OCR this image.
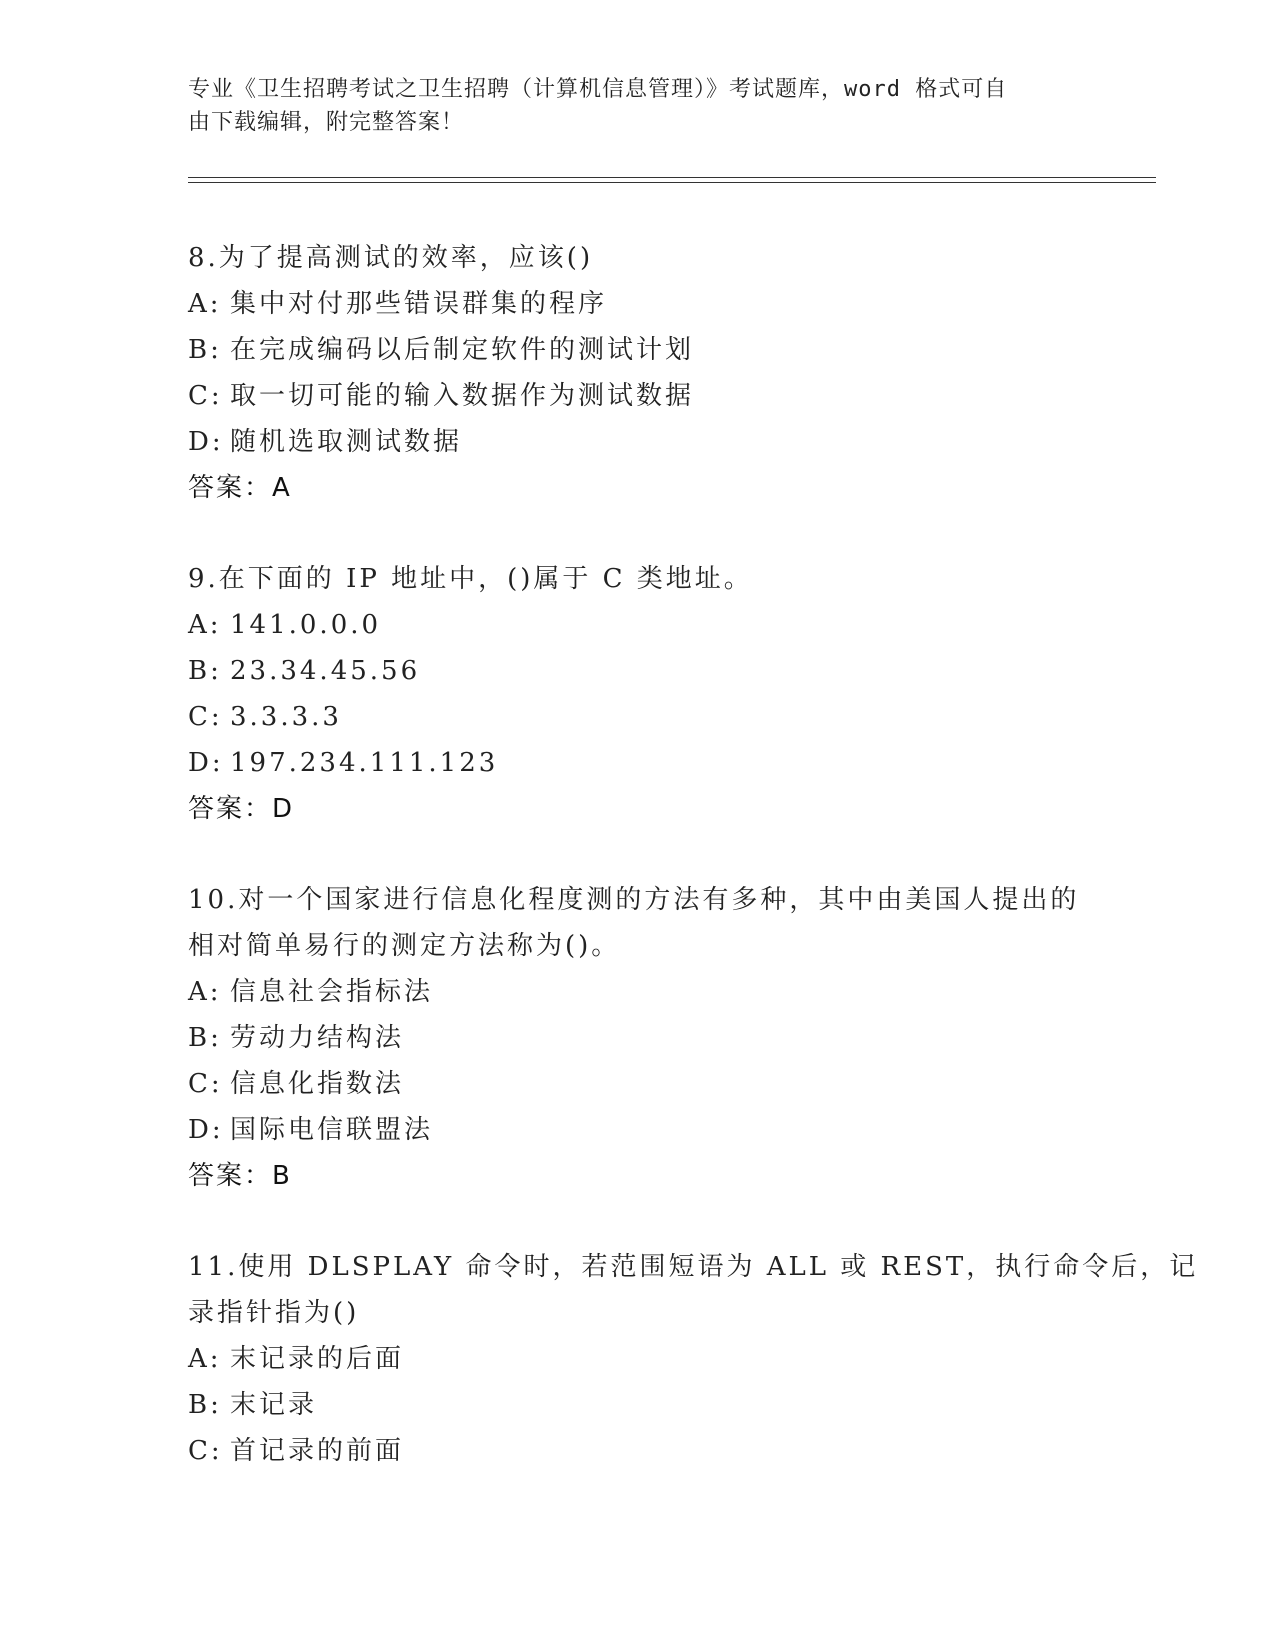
专业《卫生招聘考试之卫生招聘（计算机信息管理）》考试题库，word 格式可自
由下载编辑，附完整答案！
8.为了提高测试的效率，应该()
A: 集中对付那些错误群集的程序
B: 在完成编码以后制定软件的测试计划
C: 取一切可能的输入数据作为测试数据
D: 随机选取测试数据
答案：A
9.在下面的 IP 地址中，()属于 C 类地址。
A: 141.0.0.0
B: 23.34.45.56
C: 3.3.3.3
D: 197.234.111.123
答案：D
10.对一个国家进行信息化程度测的方法有多种，其中由美国人提出的
相对简单易行的测定方法称为()。
A: 信息社会指标法
B: 劳动力结构法
C: 信息化指数法
D: 国际电信联盟法
答案：B
11.使用 DLSPLAY 命令时，若范围短语为 ALL 或 REST，执行命令后，记
录指针指为()
A: 末记录的后面
B: 末记录
C: 首记录的前面
